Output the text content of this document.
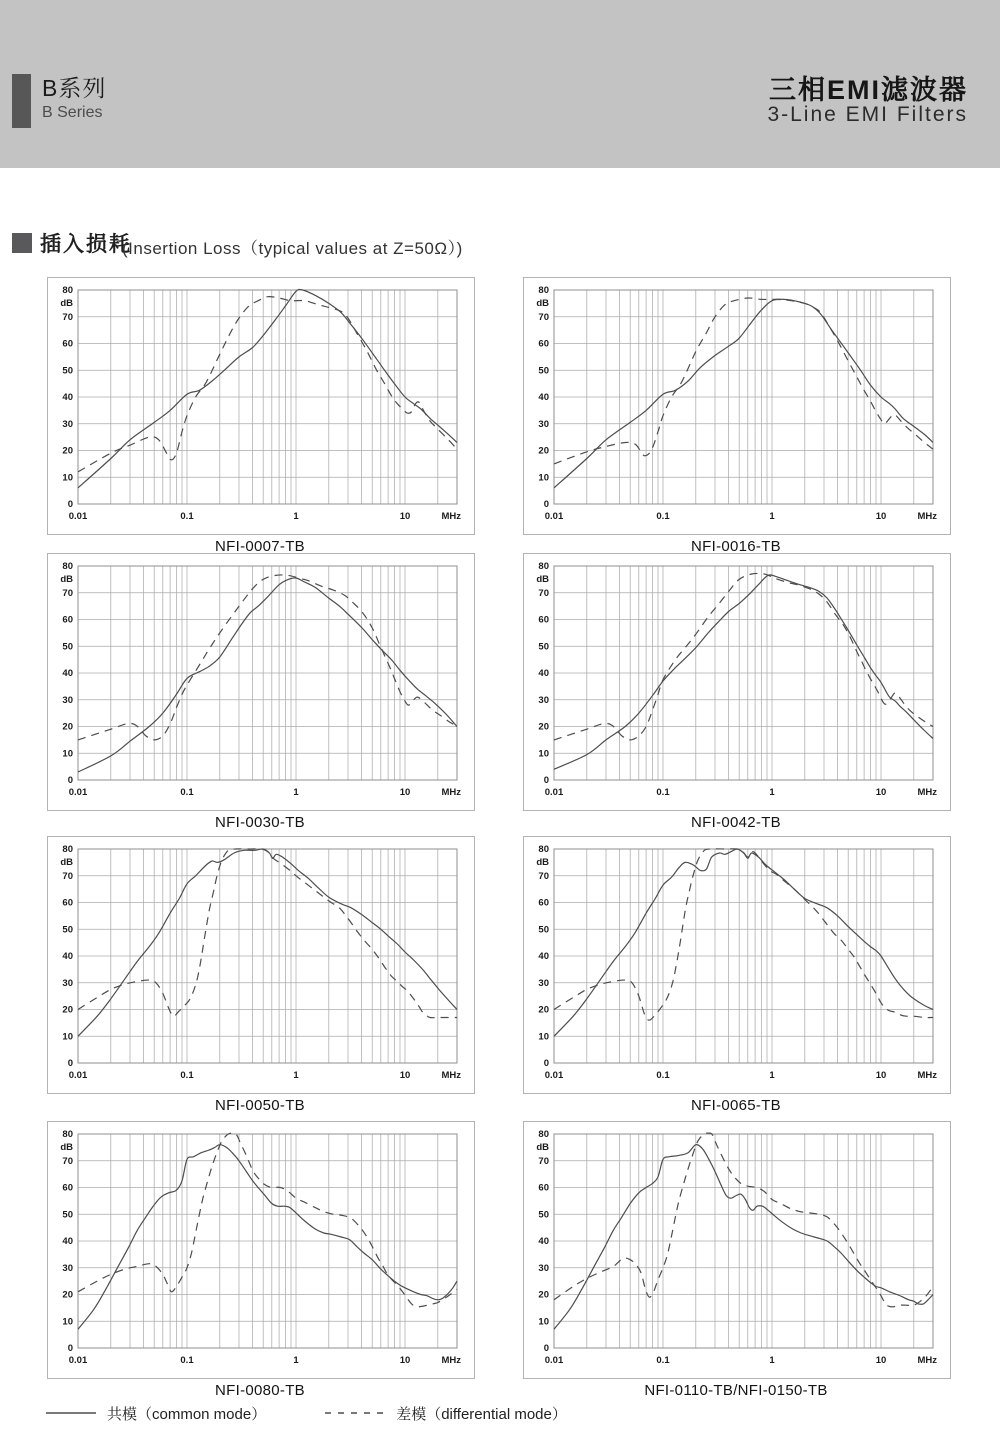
B系列
B Series
三相EMI滤波器
3-Line EMI Filters
插入损耗
(Insertion Loss（typical values at Z=50Ω）)
80
70
60
50
40
30
20
10
0
dB
0.01	0.1	1	10	MHz
NFI-0007-TB
80
70
60
50
40
30
20
10
0
dB
0.01	0.1	1	10	MHz
NFI-0016-TB
80
70
60
50
40
30
20
10
0
dB
0.01	0.1	1	10	MHz
NFI-0030-TB
80
70
60
50
40
30
20
10
0
dB
0.01	0.1	1	10	MHz
NFI-0042-TB
80
70
60
50
40
30
20
10
0
dB
0.01	0.1	1	10	MHz
NFI-0050-TB
80
70
60
50
40
30
20
10
0
dB
0.01	0.1	1	10	MHz
NFI-0065-TB
80
70
60
50
40
30
20
10
0
dB
0.01	0.1	1	10	MHz
NFI-0080-TB
80
70
60
50
40
30
20
10
0
dB
0.01	0.1	1	10	MHz
NFI-0110-TB/NFI-0150-TB
共模（common mode）	差模（differential mode）
